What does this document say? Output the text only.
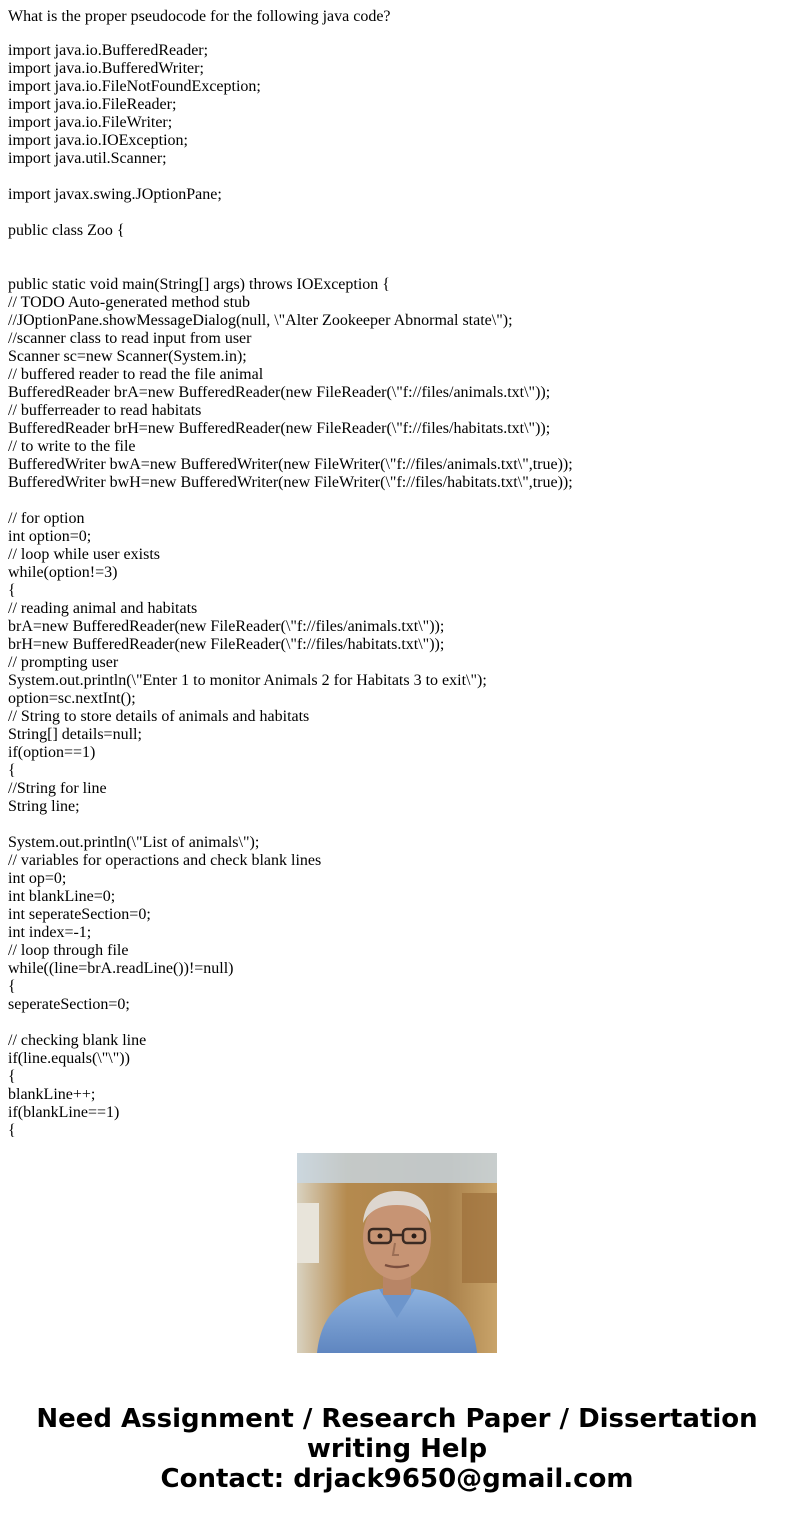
What is the proper pseudocode for the following java code?
import java.io.BufferedReader;
import java.io.BufferedWriter;
import java.io.FileNotFoundException;
import java.io.FileReader;
import java.io.FileWriter;
import java.io.IOException;
import java.util.Scanner;
import javax.swing.JOptionPane;
public class Zoo {
public static void main(String[] args) throws IOException {
// TODO Auto-generated method stub
//JOptionPane.showMessageDialog(null, \"Alter Zookeeper Abnormal state\");
//scanner class to read input from user
Scanner sc=new Scanner(System.in);
// buffered reader to read the file animal
BufferedReader brA=new BufferedReader(new FileReader(\"f://files/animals.txt\"));
// bufferreader to read habitats
BufferedReader brH=new BufferedReader(new FileReader(\"f://files/habitats.txt\"));
// to write to the file
BufferedWriter bwA=new BufferedWriter(new FileWriter(\"f://files/animals.txt\",true));
BufferedWriter bwH=new BufferedWriter(new FileWriter(\"f://files/habitats.txt\",true));
// for option
int option=0;
// loop while user exists
while(option!=3)
{
// reading animal and habitats
brA=new BufferedReader(new FileReader(\"f://files/animals.txt\"));
brH=new BufferedReader(new FileReader(\"f://files/habitats.txt\"));
// prompting user
System.out.println(\"Enter 1 to monitor Animals 2 for Habitats 3 to exit\");
option=sc.nextInt();
// String to store details of animals and habitats
String[] details=null;
if(option==1)
{
//String for line
String line;
System.out.println(\"List of animals\");
// variables for operactions and check blank lines
int op=0;
int blankLine=0;
int seperateSection=0;
int index=-1;
// loop through file
while((line=brA.readLine())!=null)
{
seperateSection=0;
// checking blank line
if(line.equals(\"\"))
{
blankLine++;
if(blankLine==1)
{
Need Assignment / Research Paper / Dissertation
writing Help
Contact: drjack9650@gmail.com
